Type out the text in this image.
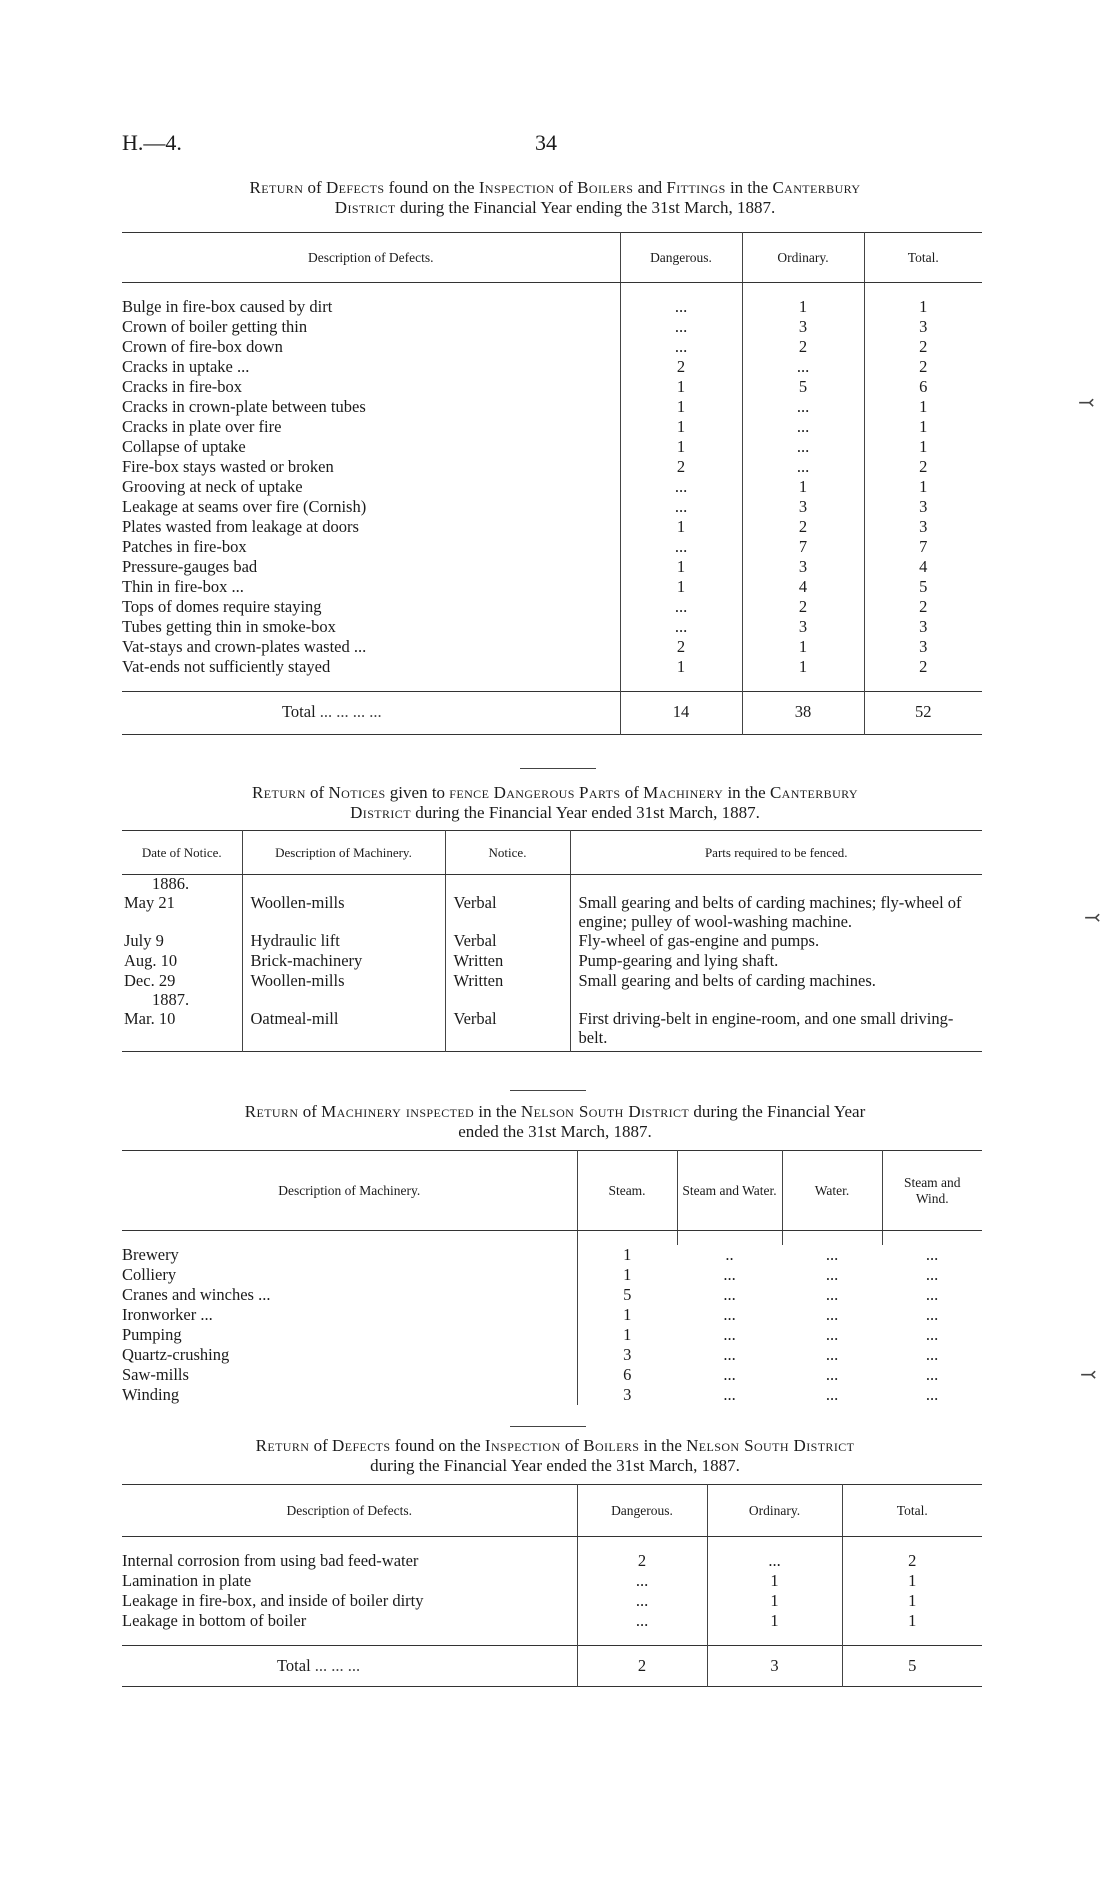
H.—4.	34
Return of Defects found on the Inspection of Boilers and Fittings in the Canterbury
District during the Financial Year ending the 31st March, 1887.
Description of Defects.	Dangerous.	Ordinary.	Total.

Bulge in fire-box caused by dirt	...	1	1
Crown of boiler getting thin	...	3	3
Crown of fire-box down	...	2	2
Cracks in uptake ...	2	...	2
Cracks in fire-box	1	5	6
Cracks in crown-plate between tubes	1	...	1
Cracks in plate over fire	1	...	1
Collapse of uptake	1	...	1
Fire-box stays wasted or broken	2	...	2
Grooving at neck of uptake	...	1	1
Leakage at seams over fire (Cornish)	...	3	3
Plates wasted from leakage at doors	1	2	3
Patches in fire-box	...	7	7
Pressure-gauges bad	1	3	4
Thin in fire-box ...	1	4	5
Tops of domes require staying	...	2	2
Tubes getting thin in smoke-box	...	3	3
Vat-stays and crown-plates wasted ...	2	1	3
Vat-ends not sufficiently stayed	1	1	2

Total ... ... ... ...	14	38	52
Return of Notices given to fence Dangerous Parts of Machinery in the Canterbury
District during the Financial Year ended 31st March, 1887.
Date of Notice.	Description of Machinery.	Notice.	Parts required to be fenced.
1886.			
May 21	Woollen-mills	Verbal	Small gearing and belts of carding machines; fly-wheel of engine; pulley of wool-washing machine.
July 9	Hydraulic lift	Verbal	Fly-wheel of gas-engine and pumps.
Aug. 10	Brick-machinery	Written	Pump-gearing and lying shaft.
Dec. 29	Woollen-mills	Written	Small gearing and belts of carding machines.
1887.			
Mar. 10	Oatmeal-mill	Verbal	First driving-belt in engine-room, and one small driving-belt.
Return of Machinery inspected in the Nelson South District during the Financial Year
ended the 31st March, 1887.
Description of Machinery.	Steam.	Steam and Water.	Water.	Steam and Wind.

Brewery	1	..	...	...
Colliery	1	...	...	...
Cranes and winches ...	5	...	...	...
Ironworker ...	1	...	...	...
Pumping	1	...	...	...
Quartz-crushing	3	...	...	...
Saw-mills	6	...	...	...
Winding	3	...	...	...
Return of Defects found on the Inspection of Boilers in the Nelson South District
during the Financial Year ended the 31st March, 1887.
Description of Defects.	Dangerous.	Ordinary.	Total.

Internal corrosion from using bad feed-water	2	...	2
Lamination in plate	...	1	1
Leakage in fire-box, and inside of boiler dirty	...	1	1
Leakage in bottom of boiler	...	1	1

Total ... ... ...	2	3	5
⤙
⤙
⤙
